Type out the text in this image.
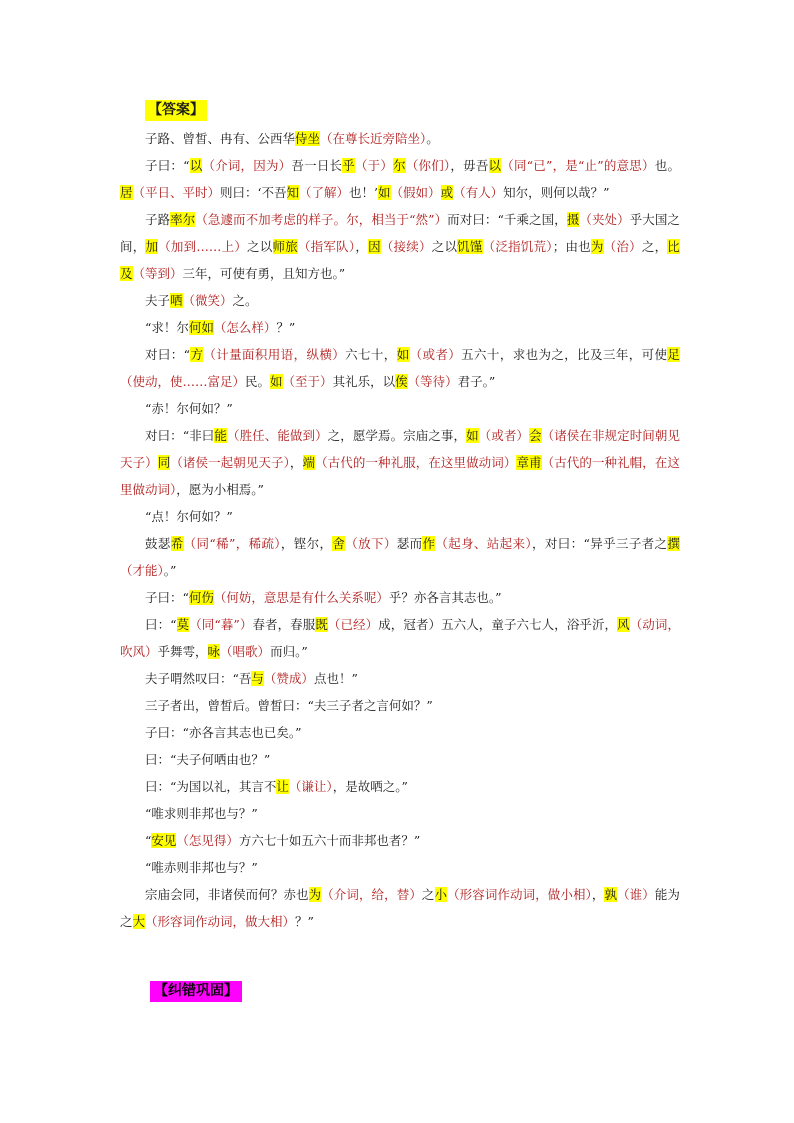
【答案】

子路、曾皙、冉有、公西华侍坐（在尊长近旁陪坐）。

子曰：“以（介词，因为）吾一日长乎（于）尔（你们），毋吾以（同“已”，是“止”的意思）也。居（平日、平时）则曰：‘不吾知（了解）也！’如（假如）或（有人）知尔，则何以哉？”

子路率尔（急遽而不加考虑的样子。尔，相当于“然”）而对曰：“千乘之国，摄（夹处）乎大国之间，加（加到……上）之以师旅（指军队），因（接续）之以饥馑（泛指饥荒）；由也为（治）之，比及（等到）三年，可使有勇，且知方也。”

夫子哂（微笑）之。

“求！尔何如（怎么样）？”

对曰：“方（计量面积用语，纵横）六七十，如（或者）五六十，求也为之，比及三年，可使足（使动，使……富足）民。如（至于）其礼乐，以俟（等待）君子。”

“赤！尔何如？”

对曰：“非曰能（胜任、能做到）之，愿学焉。宗庙之事，如（或者）会（诸侯在非规定时间朝见天子）同（诸侯一起朝见天子），端（古代的一种礼服，在这里做动词）章甫（古代的一种礼帽，在这里做动词），愿为小相焉。”

“点！尔何如？”

鼓瑟希（同“稀”，稀疏），铿尔，舍（放下）瑟而作（起身、站起来），对曰：“异乎三子者之撰（才能）。”

子曰：“何伤（何妨，意思是有什么关系呢）乎？亦各言其志也。”

曰：“莫（同“暮”）春者，春服既（已经）成，冠者）五六人，童子六七人，浴乎沂，风（动词，吹风）乎舞雩，咏（唱歌）而归。”

夫子喟然叹曰：“吾与（赞成）点也！”

三子者出，曾皙后。曾皙曰：“夫三子者之言何如？”

子曰：“亦各言其志也已矣。”

曰：“夫子何哂由也？”

曰：“为国以礼，其言不让（谦让），是故哂之。”

“唯求则非邦也与？”

“安见（怎见得）方六七十如五六十而非邦也者？”

“唯赤则非邦也与？”

宗庙会同，非诸侯而何？赤也为（介词，给，替）之小（形容词作动词，做小相），孰（谁）能为之大（形容词作动词，做大相）？”

【纠错巩固】
